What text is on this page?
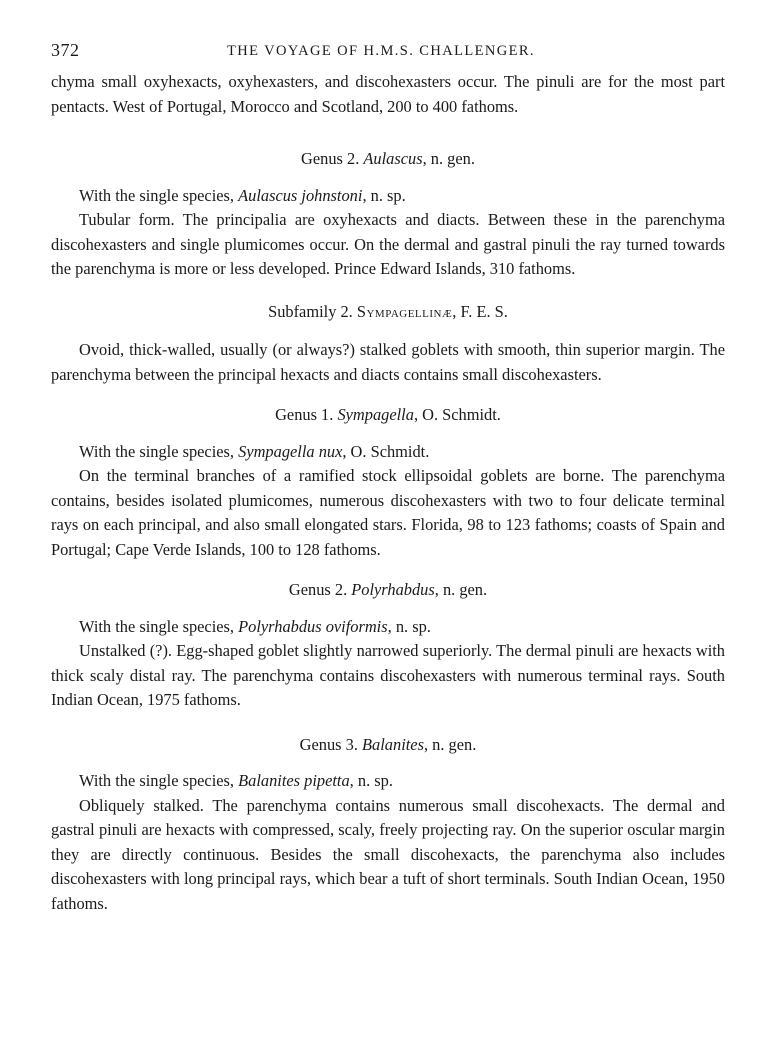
372	THE VOYAGE OF H.M.S. CHALLENGER.

chyma small oxyhexacts, oxyhexasters, and discohexasters occur. The pinuli are for the most part pentacts. West of Portugal, Morocco and Scotland, 200 to 400 fathoms.

Genus 2. Aulascus, n. gen.

With the single species, Aulascus johnstoni, n. sp.

Tubular form. The principalia are oxyhexacts and diacts. Between these in the parenchyma discohexasters and single plumicomes occur. On the dermal and gastral pinuli the ray turned towards the parenchyma is more or less developed. Prince Edward Islands, 310 fathoms.

Subfamily 2. Sympagellinæ, F. E. S.

Ovoid, thick-walled, usually (or always?) stalked goblets with smooth, thin superior margin. The parenchyma between the principal hexacts and diacts contains small discohexasters.

Genus 1. Sympagella, O. Schmidt.

With the single species, Sympagella nux, O. Schmidt.

On the terminal branches of a ramified stock ellipsoidal goblets are borne. The parenchyma contains, besides isolated plumicomes, numerous discohexasters with two to four delicate terminal rays on each principal, and also small elongated stars. Florida, 98 to 123 fathoms; coasts of Spain and Portugal; Cape Verde Islands, 100 to 128 fathoms.

Genus 2. Polyrhabdus, n. gen.

With the single species, Polyrhabdus oviformis, n. sp.

Unstalked (?). Egg-shaped goblet slightly narrowed superiorly. The dermal pinuli are hexacts with thick scaly distal ray. The parenchyma contains discohexasters with numerous terminal rays. South Indian Ocean, 1975 fathoms.

Genus 3. Balanites, n. gen.

With the single species, Balanites pipetta, n. sp.

Obliquely stalked. The parenchyma contains numerous small discohexacts. The dermal and gastral pinuli are hexacts with compressed, scaly, freely projecting ray. On the superior oscular margin they are directly continuous. Besides the small discohexacts, the parenchyma also includes discohexasters with long principal rays, which bear a tuft of short terminals. South Indian Ocean, 1950 fathoms.
